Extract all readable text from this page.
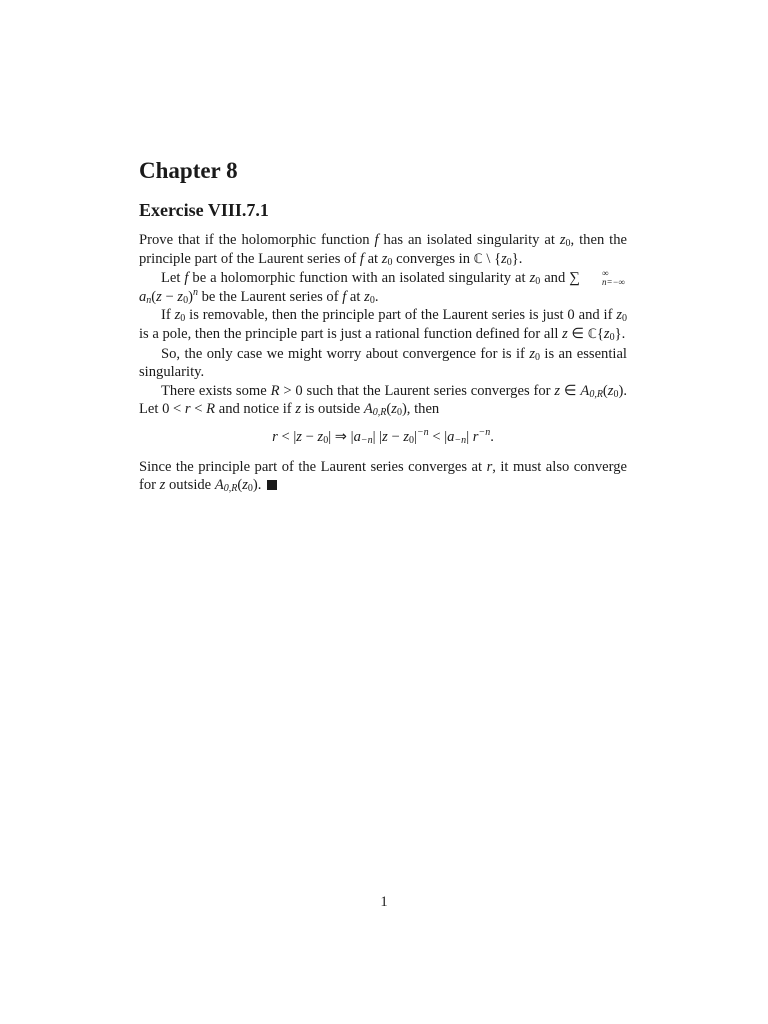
Chapter 8
Exercise VIII.7.1

Prove that if the holomorphic function f has an isolated singularity at $z_0$, then the principle part of the Laurent series of f at $z_0$ converges in ℂ \ $\{z_0\}$.

Let f be a holomorphic function with an isolated singularity at $z_0$ and ∑	∞
n=−∞
$an(z - z_0)^n$ be the Laurent series of f at $z_0$.

If $z_0$ is removable, then the principle part of the Laurent series is just 0 and if $z_0$ is a pole, then the principle part is just a rational function defined for all z ∈ $ℂ\{z_0\}$.

So, the only case we might worry about convergence for is if $z_0$ is an essential singularity.

There exists some R > 0 such that the Laurent series converges for z ∈ $A0,R(z_0)$. Let 0 < r < R and notice if z is outside $A0,R(z_0)$, then

$r < |z - z_0|$ ⇒ |a−n| $|z - z_0|^{-n} < |a-n|$ $r^{-n}$.

Since the principle part of the Laurent series converges at r, it must also converge for z outside $A0,R(z_0)$.

1
